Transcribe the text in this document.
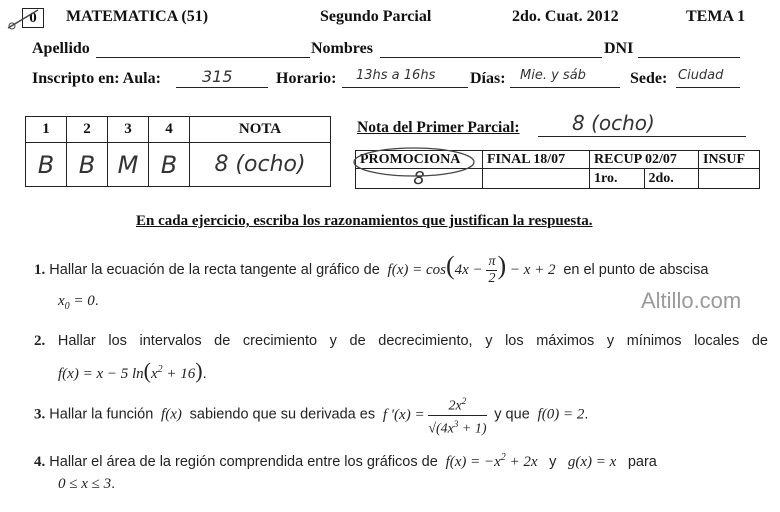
0	MATEMATICA (51)	Segundo Parcial	2do. Cuat. 2012	TEMA 1
Apellido	Nombres	DNI
Inscripto en: Aula:	315	Horario: 13hs a 16hs Días: Mie. y sáb	Sede: Ciudad
1	2	3	4	NOTA
B	B	M	B	8 (ocho)
Nota del Primer Parcial:	8 (ocho)
PROMOCIONA	FINAL 18/07	RECUP 02/07		INSUF
8		1ro.	2do.	
En cada ejercicio, escriba los razonamientos que justifican la respuesta.
1. Hallar la ecuación de la recta tangente al gráfico de  $f(x) = \cos(4x - \frac{\pi}{2}$ ) − x + 2  en el punto de abscisa
$x_0 = 0$.	Altillo.com
2. Hallar los intervalos de crecimiento y de decrecimiento, y los máximos y mínimos locales de
f(x) = x − 5 $\ln(x^2 + 16)$.
3. Hallar la función  f(x)  sabiendo que su derivada es  f $'(x) = \frac{2x^2}{√(4x^3 + 1)}$ y que  f(0) = 2.
4. Hallar el área de la región comprendida entre los gráficos de  $f(x) = -x^2 + 2x$   y   g(x) = x   para
0 ≤ x ≤ 3.
